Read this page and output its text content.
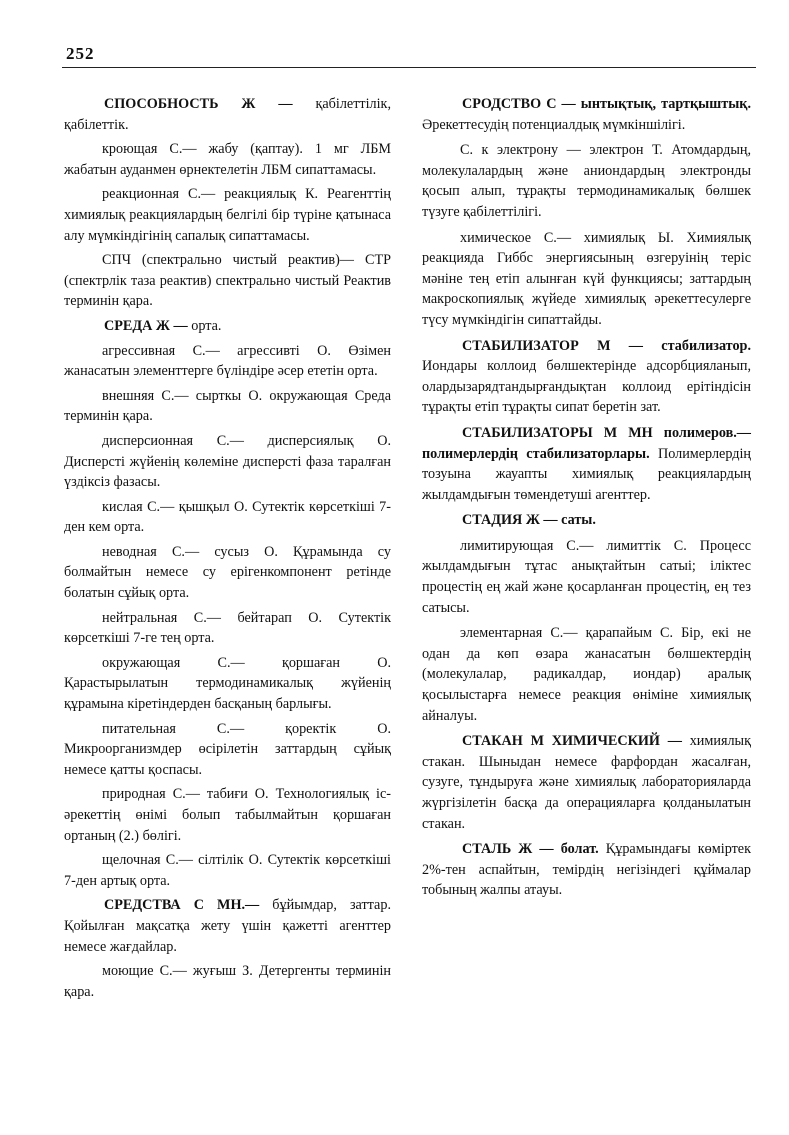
252

СПОСОБНОСТЬ Ж — қабілеттілік, қабілеттік.

кроющая С.— жабу (қаптау). 1 мг ЛБМ жабатын ауданмен өрнектелетін ЛБМ сипаттамасы.

реакционная С.— реакциялық К. Реагенттің химиялық реакциялардың белгілі бір түріне қатынаса алу мүмкіндігінің сапалық сипаттамасы.

СПЧ (спектрально чистый реактив)— СТР (спектрлік таза реактив) спектрально чистый Реактив терминін қара.

СРЕДА Ж — орта.

агрессивная С.— агрессивті О. Өзімен жанасатын элементтерге бүліндіре әсер ететін орта.

внешняя С.— сырткы О. окружающая Среда терминін қара.

дисперсионная С.— дисперсиялық О. Дисперсті жүйенің көлеміне дисперсті фаза таралған үздіксіз фазасы.

кислая С.— қышқыл О. Сутектік көрсеткіші 7-ден кем орта.

неводная С.— сусыз О. Құрамында су болмайтын немесе су ерігенкомпонент ретінде болатын сұйық орта.

нейтральная С.— бейтарап О. Сутектік көрсеткіші 7-ге тең орта.

окружающая С.— қоршаған О. Қарастырылатын термодинамикалық жүйенің құрамына кіретіндерден басқаның барлығы.

питательная С.— қоректік О. Микроорганизмдер өсірілетін заттардың сұйық немесе қатты қоспасы.

природная С.— табиғи О. Технологиялық іс-әрекеттің өнімі болып табылмайтын қоршаған ортаның (2.) бөлігі.

щелочная С.— сілтілік О. Сутектік көрсеткіші 7-ден артық орта.

СРЕДСТВА С МН.— бұйымдар, заттар. Қойылған мақсатқа жету үшін қажетті агенттер немесе жағдайлар.

моющие С.— жуғыш З. Детергенты терминін қара.

СРОДСТВО С — ынтықтық, тартқыштық. Әрекеттесудің потенциалдық мүмкіншілігі.

С. к электрону — электрон Т. Атомдардың, молекулалардың және аниондардың электронды қосып алып, тұрақты термодинамикалық бөлшек түзуге қабілеттілігі.

химическое С.— химиялық Ы. Химиялық реакцияда Гиббс энергиясының өзгеруінің теріс мәніне тең етіп алынған күй функциясы; заттардың макроскопиялық жүйеде химиялық әрекеттесулерге түсу мүмкіндігін сипаттайды.

СТАБИЛИЗАТОР М — стабилизатор. Иондары коллоид бөлшектерінде адсорбцияланып, олардызарядтандырғандықтан коллоид ерітіндісін тұрақты етіп тұрақты сипат беретін зат.

СТАБИЛИЗАТОРЫ М МН полимеров.— полимерлердің стабилизаторлары. Полимерлердің тозуына жауапты химиялық реакциялардың жылдамдығын төмендетуші агенттер.

СТАДИЯ Ж — саты.

лимитирующая С.— лимиттік С. Процесс жылдамдығын тұтас анықтайтын сатыі; іліктес процестің ең жай және қосарланған процестің, ең тез сатысы.

элементарная С.— қарапайым С. Бір, екі не одан да көп өзара жанасатын бөлшектердің (молекулалар, радикалдар, иондар) аралық қосылыстарға немесе реакция өніміне химиялық айналуы.

СТАКАН М ХИМИЧЕСКИЙ — химиялық стакан. Шыныдан немесе фарфордан жасалған, сузуге, тұндыруға және химиялық лабораторияларда жүргізілетін басқа да операцияларға қолданылатын стакан.

СТАЛЬ Ж — болат. Құрамындағы көміртек 2%-тен аспайтын, темірдің негізіндегі құймалар тобының жалпы атауы.
